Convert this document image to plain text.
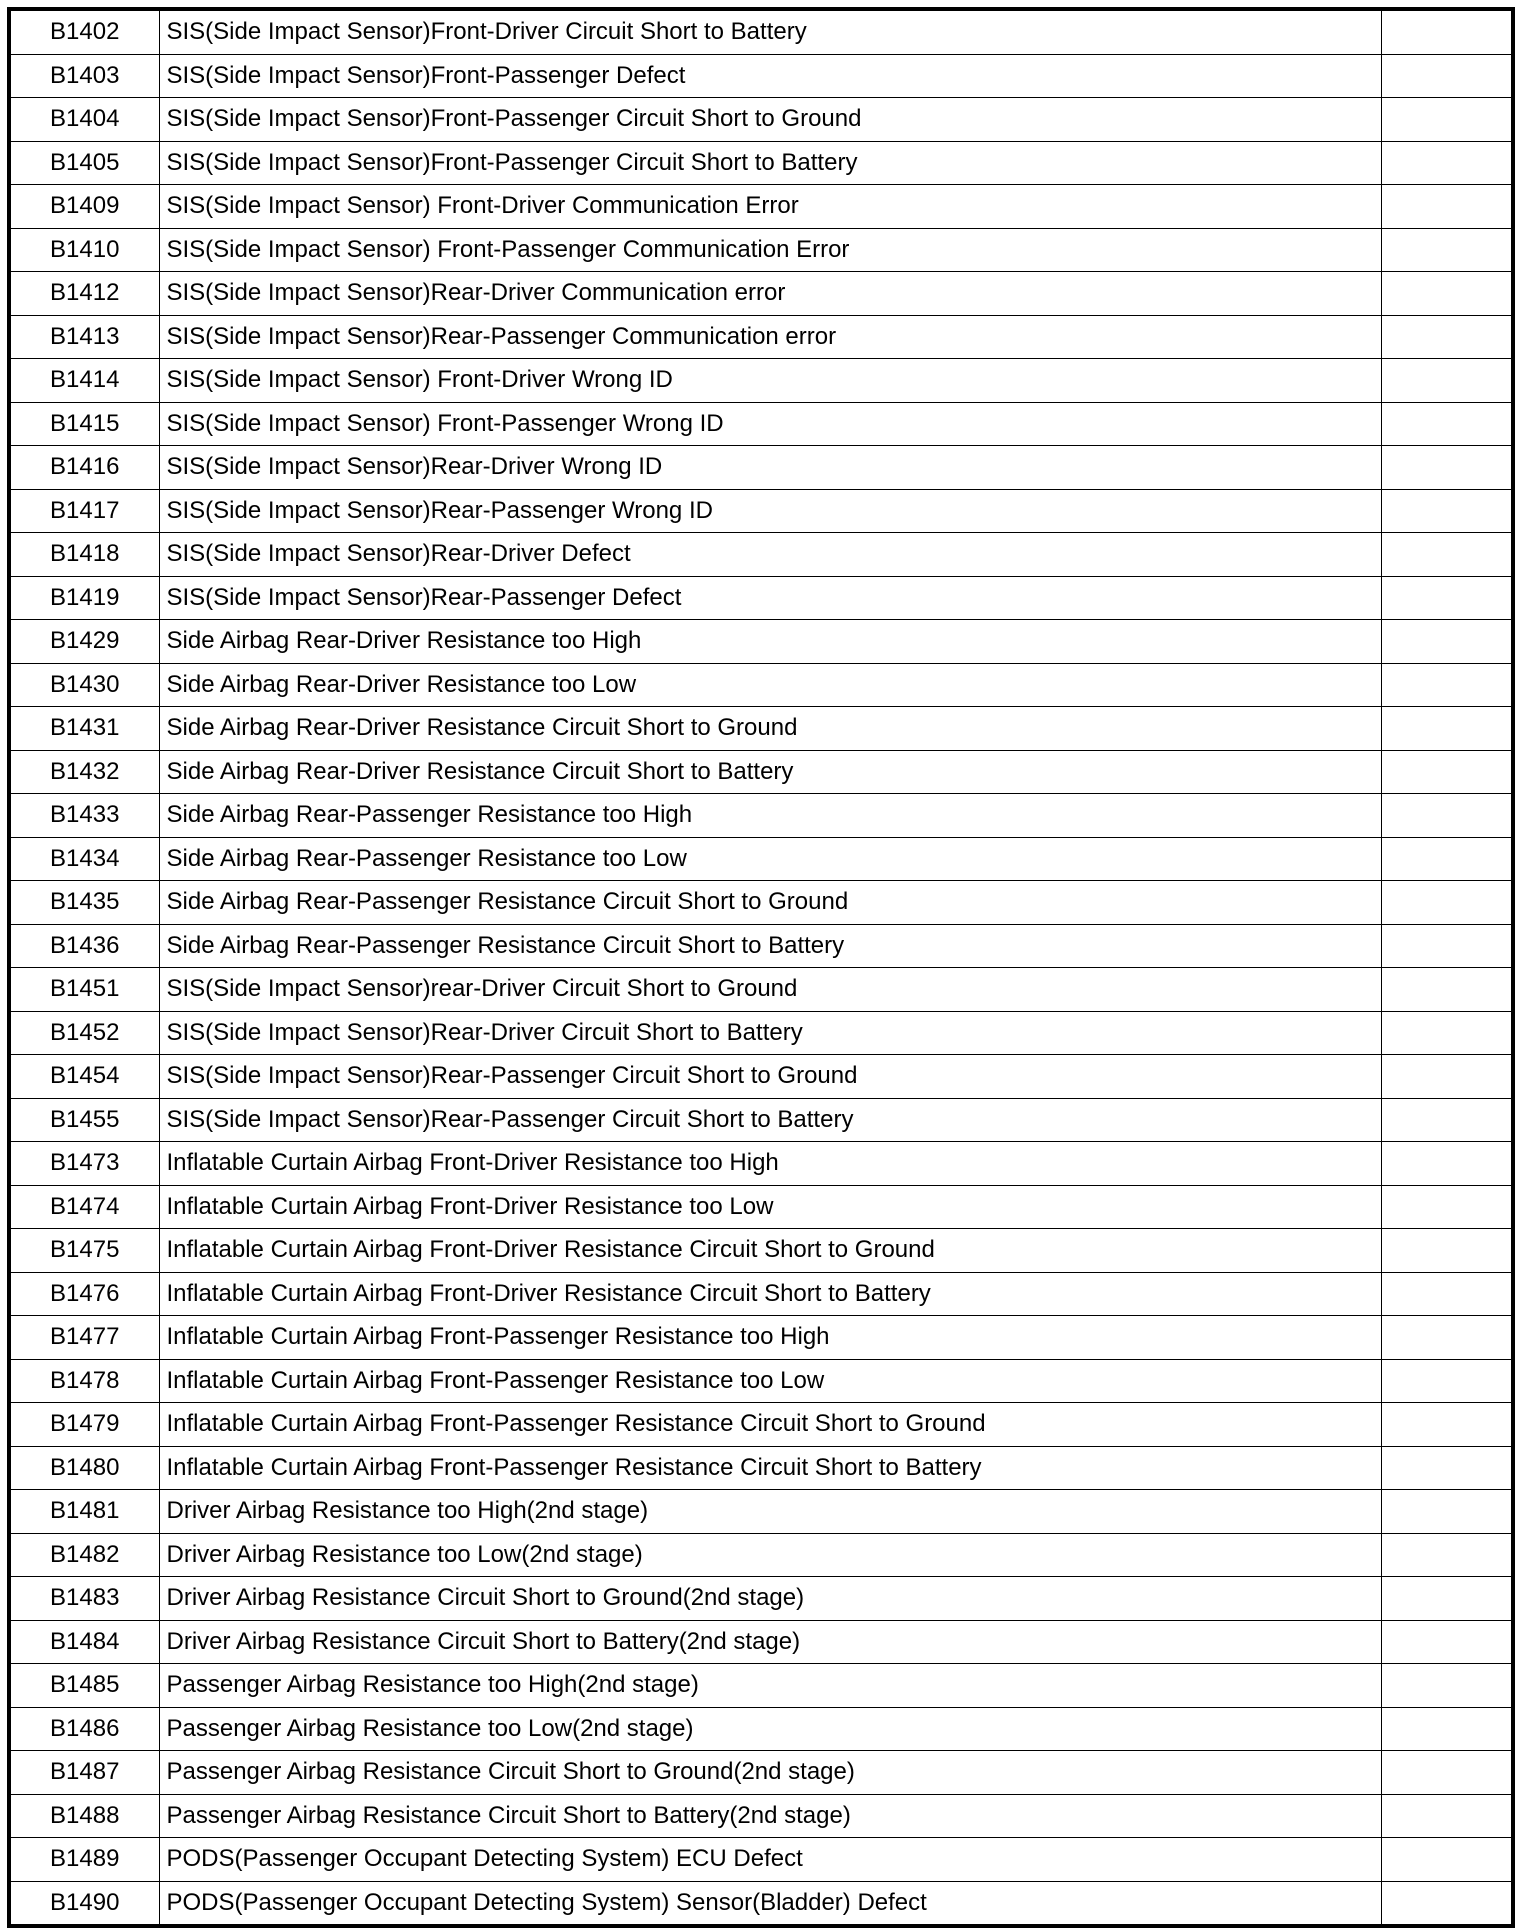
B1402	SIS(Side Impact Sensor)Front-Driver Circuit Short to Battery	
B1403	SIS(Side Impact Sensor)Front-Passenger Defect	
B1404	SIS(Side Impact Sensor)Front-Passenger Circuit Short to Ground	
B1405	SIS(Side Impact Sensor)Front-Passenger Circuit Short to Battery	
B1409	SIS(Side Impact Sensor) Front-Driver Communication Error	
B1410	SIS(Side Impact Sensor) Front-Passenger Communication Error	
B1412	SIS(Side Impact Sensor)Rear-Driver Communication error	
B1413	SIS(Side Impact Sensor)Rear-Passenger Communication error	
B1414	SIS(Side Impact Sensor) Front-Driver Wrong ID	
B1415	SIS(Side Impact Sensor) Front-Passenger Wrong ID	
B1416	SIS(Side Impact Sensor)Rear-Driver Wrong ID	
B1417	SIS(Side Impact Sensor)Rear-Passenger Wrong ID	
B1418	SIS(Side Impact Sensor)Rear-Driver Defect	
B1419	SIS(Side Impact Sensor)Rear-Passenger Defect	
B1429	Side Airbag Rear-Driver Resistance too High	
B1430	Side Airbag Rear-Driver Resistance too Low	
B1431	Side Airbag Rear-Driver Resistance Circuit Short to Ground	
B1432	Side Airbag Rear-Driver Resistance Circuit Short to Battery	
B1433	Side Airbag Rear-Passenger Resistance too High	
B1434	Side Airbag Rear-Passenger Resistance too Low	
B1435	Side Airbag Rear-Passenger Resistance Circuit Short to Ground	
B1436	Side Airbag Rear-Passenger Resistance Circuit Short to Battery	
B1451	SIS(Side Impact Sensor)rear-Driver Circuit Short to Ground	
B1452	SIS(Side Impact Sensor)Rear-Driver Circuit Short to Battery	
B1454	SIS(Side Impact Sensor)Rear-Passenger Circuit Short to Ground	
B1455	SIS(Side Impact Sensor)Rear-Passenger Circuit Short to Battery	
B1473	Inflatable Curtain Airbag Front-Driver Resistance too High	
B1474	Inflatable Curtain Airbag Front-Driver Resistance too Low	
B1475	Inflatable Curtain Airbag Front-Driver Resistance Circuit Short to Ground	
B1476	Inflatable Curtain Airbag Front-Driver Resistance Circuit Short to Battery	
B1477	Inflatable Curtain Airbag Front-Passenger Resistance too High	
B1478	Inflatable Curtain Airbag Front-Passenger Resistance too Low	
B1479	Inflatable Curtain Airbag Front-Passenger Resistance Circuit Short to Ground	
B1480	Inflatable Curtain Airbag Front-Passenger Resistance Circuit Short to Battery	
B1481	Driver Airbag Resistance too High(2nd stage)	
B1482	Driver Airbag Resistance too Low(2nd stage)	
B1483	Driver Airbag Resistance Circuit Short to Ground(2nd stage)	
B1484	Driver Airbag Resistance Circuit Short to Battery(2nd stage)	
B1485	Passenger Airbag Resistance too High(2nd stage)	
B1486	Passenger Airbag Resistance too Low(2nd stage)	
B1487	Passenger Airbag Resistance Circuit Short to Ground(2nd stage)	
B1488	Passenger Airbag Resistance Circuit Short to Battery(2nd stage)	
B1489	PODS(Passenger Occupant Detecting System) ECU Defect	
B1490	PODS(Passenger Occupant Detecting System) Sensor(Bladder) Defect	
